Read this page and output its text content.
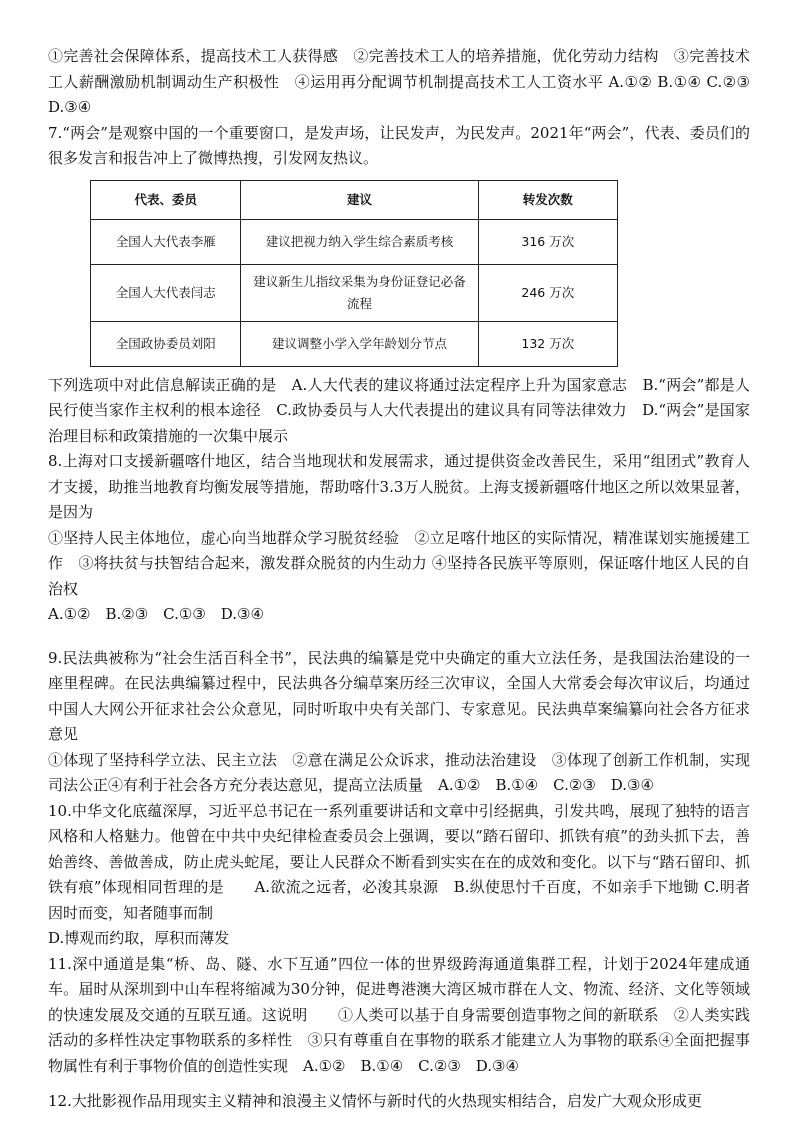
①完善社会保障体系，提高技术工人获得感　②完善技术工人的培养措施，优化劳动力结构　③完善技术工人薪酬激励机制调动生产积极性　④运用再分配调节机制提高技术工人工资水平 A.①② B.①④ C.②③ D.③④

7.“两会”是观察中国的一个重要窗口，是发声场，让民发声，为民发声。2021年“两会”，代表、委员们的很多发言和报告冲上了微博热搜，引发网友热议。

代表、委员	建议	转发次数
全国人大代表李雁	建议把视力纳入学生综合素质考核	316 万次
全国人大代表闫志	建议新生儿指纹采集为身份证登记必备流程	246 万次
全国政协委员刘阳	建议调整小学入学年龄划分节点	132 万次

下列选项中对此信息解读正确的是　A.人大代表的建议将通过法定程序上升为国家意志　B.“两会”都是人民行使当家作主权利的根本途径　C.政协委员与人大代表提出的建议具有同等法律效力　D.“两会”是国家治理目标和政策措施的一次集中展示

8.上海对口支援新疆喀什地区，结合当地现状和发展需求，通过提供资金改善民生，采用“组团式”教育人才支援，助推当地教育均衡发展等措施，帮助喀什3.3万人脱贫。上海支援新疆喀什地区之所以效果显著，是因为

①坚持人民主体地位，虚心向当地群众学习脱贫经验　②立足喀什地区的实际情况，精准谋划实施援建工作　③将扶贫与扶智结合起来，激发群众脱贫的内生动力 ④坚持各民族平等原则，保证喀什地区人民的自治权

A.①②　B.②③　C.①③　D.③④

9.民法典被称为“社会生活百科全书”，民法典的编纂是党中央确定的重大立法任务，是我国法治建设的一座里程碑。在民法典编纂过程中，民法典各分编草案历经三次审议，全国人大常委会每次审议后，均通过中国人大网公开征求社会公众意见，同时听取中央有关部门、专家意见。民法典草案编纂向社会各方征求意见

①体现了坚持科学立法、民主立法　②意在满足公众诉求，推动法治建设　③体现了创新工作机制，实现司法公正④有利于社会各方充分表达意见，提高立法质量　A.①②　B.①④　C.②③　D.③④

10.中华文化底蕴深厚，习近平总书记在一系列重要讲话和文章中引经据典，引发共鸣，展现了独特的语言风格和人格魅力。他曾在中共中央纪律检查委员会上强调，要以“踏石留印、抓铁有痕”的劲头抓下去，善始善终、善做善成，防止虎头蛇尾，要让人民群众不断看到实实在在的成效和变化。以下与“踏石留印、抓铁有痕”体现相同哲理的是　　A.欲流之远者，必浚其泉源　B.纵使思忖千百度，不如亲手下地锄 C.明者因时而变，知者随事而制

D.博观而约取，厚积而薄发

11.深中通道是集“桥、岛、隧、水下互通”四位一体的世界级跨海通道集群工程，计划于2024年建成通车。届时从深圳到中山车程将缩减为30分钟，促进粤港澳大湾区城市群在人文、物流、经济、文化等领域的快速发展及交通的互联互通。这说明　　①人类可以基于自身需要创造事物之间的新联系　②人类实践活动的多样性决定事物联系的多样性　③只有尊重自在事物的联系才能建立人为事物的联系④全面把握事物属性有利于事物价值的创造性实现　A.①②　B.①④　C.②③　D.③④

12.大批影视作品用现实主义精神和浪漫主义情怀与新时代的火热现实相结合，启发广大观众形成更
